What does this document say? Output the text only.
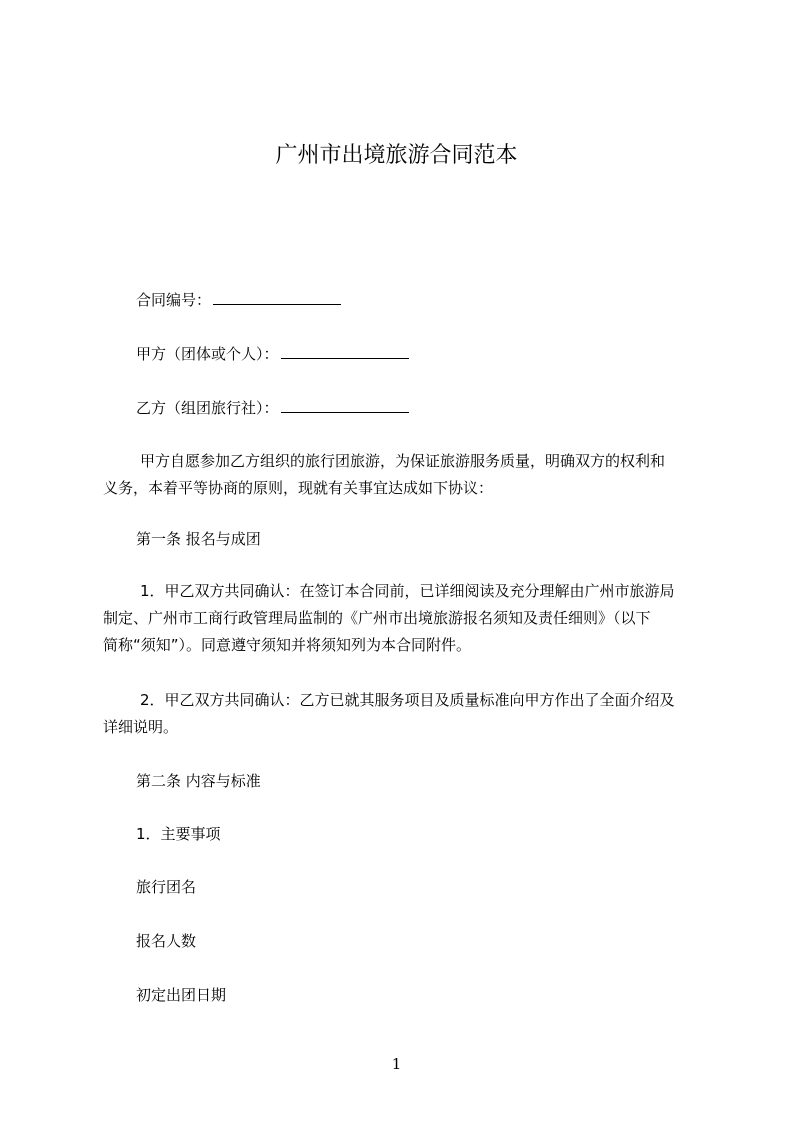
广州市出境旅游合同范本
合同编号：
甲方（团体或个人）：
乙方（组团旅行社）：

甲方自愿参加乙方组织的旅行团旅游，为保证旅游服务质量，明确双方的权利和

义务，本着平等协商的原则，现就有关事宜达成如下协议：

第一条 报名与成团

1．甲乙双方共同确认：在签订本合同前，已详细阅读及充分理解由广州市旅游局

制定、广州市工商行政管理局监制的《广州市出境旅游报名须知及责任细则》（以下

简称“须知”）。同意遵守须知并将须知列为本合同附件。

2．甲乙双方共同确认：乙方已就其服务项目及质量标准向甲方作出了全面介绍及

详细说明。

第二条 内容与标准
1．主要事项
旅行团名
报名人数
初定出团日期
1
